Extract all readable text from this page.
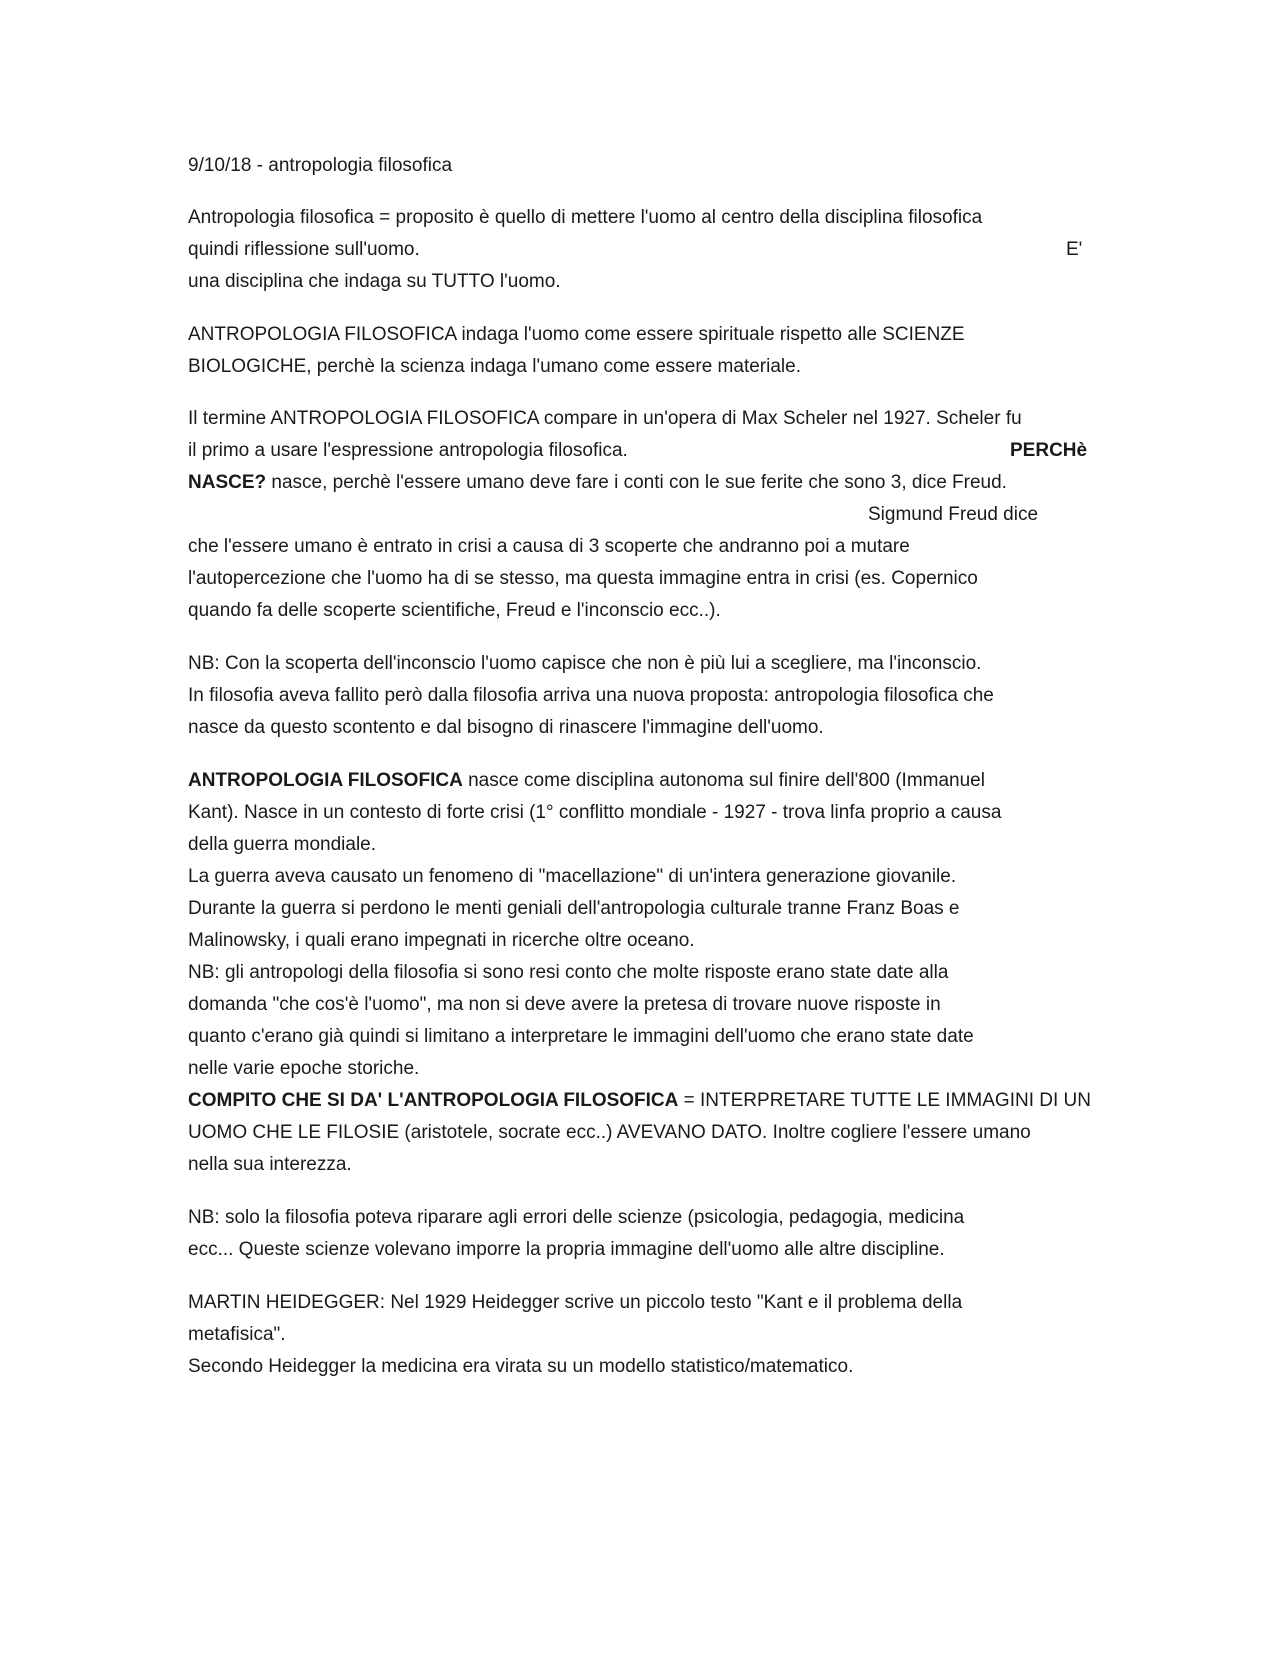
9/10/18 - antropologia filosofica
Antropologia filosofica = proposito è quello di mettere l'uomo al centro della disciplina filosofica
quindi riflessione sull'uomo.	E'
una disciplina che indaga su TUTTO l'uomo.
ANTROPOLOGIA FILOSOFICA indaga l'uomo come essere spirituale rispetto alle SCIENZE
BIOLOGICHE, perchè la scienza indaga l'umano come essere materiale.
Il termine ANTROPOLOGIA FILOSOFICA compare in un'opera di Max Scheler nel 1927. Scheler fu
il primo a usare l'espressione antropologia filosofica.	PERCHè
NASCE? nasce, perchè l'essere umano deve fare i conti con le sue ferite che sono 3, dice Freud.
Sigmund Freud dice
che l'essere umano è entrato in crisi a causa di 3 scoperte che andranno poi a mutare
l'autopercezione che l'uomo ha di se stesso, ma questa immagine entra in crisi (es. Copernico
quando fa delle scoperte scientifiche, Freud e l'inconscio ecc..).
NB: Con la scoperta dell'inconscio l'uomo capisce che non è più lui a scegliere, ma l'inconscio.
In filosofia aveva fallito però dalla filosofia arriva una nuova proposta: antropologia filosofica che
nasce da questo scontento e dal bisogno di rinascere l'immagine dell'uomo.
ANTROPOLOGIA FILOSOFICA nasce come disciplina autonoma sul finire dell'800 (Immanuel
Kant). Nasce in un contesto di forte crisi (1° conflitto mondiale - 1927 - trova linfa proprio a causa
della guerra mondiale.
La guerra aveva causato un fenomeno di "macellazione" di un'intera generazione giovanile.
Durante la guerra si perdono le menti geniali dell'antropologia culturale tranne Franz Boas e
Malinowsky, i quali erano impegnati in ricerche oltre oceano.
NB: gli antropologi della filosofia si sono resi conto che molte risposte erano state date alla
domanda "che cos'è l'uomo", ma non si deve avere la pretesa di trovare nuove risposte in
quanto c'erano già quindi si limitano a interpretare le immagini dell'uomo che erano state date
nelle varie epoche storiche.
COMPITO CHE SI DA' L'ANTROPOLOGIA FILOSOFICA = INTERPRETARE TUTTE LE IMMAGINI DI UN
UOMO CHE LE FILOSIE (aristotele, socrate ecc..) AVEVANO DATO. Inoltre cogliere l'essere umano
nella sua interezza.
NB: solo la filosofia poteva riparare agli errori delle scienze (psicologia, pedagogia, medicina
ecc... Queste scienze volevano imporre la propria immagine dell'uomo alle altre discipline.
MARTIN HEIDEGGER: Nel 1929 Heidegger scrive un piccolo testo "Kant e il problema della
metafisica".
Secondo Heidegger la medicina era virata su un modello statistico/matematico.
